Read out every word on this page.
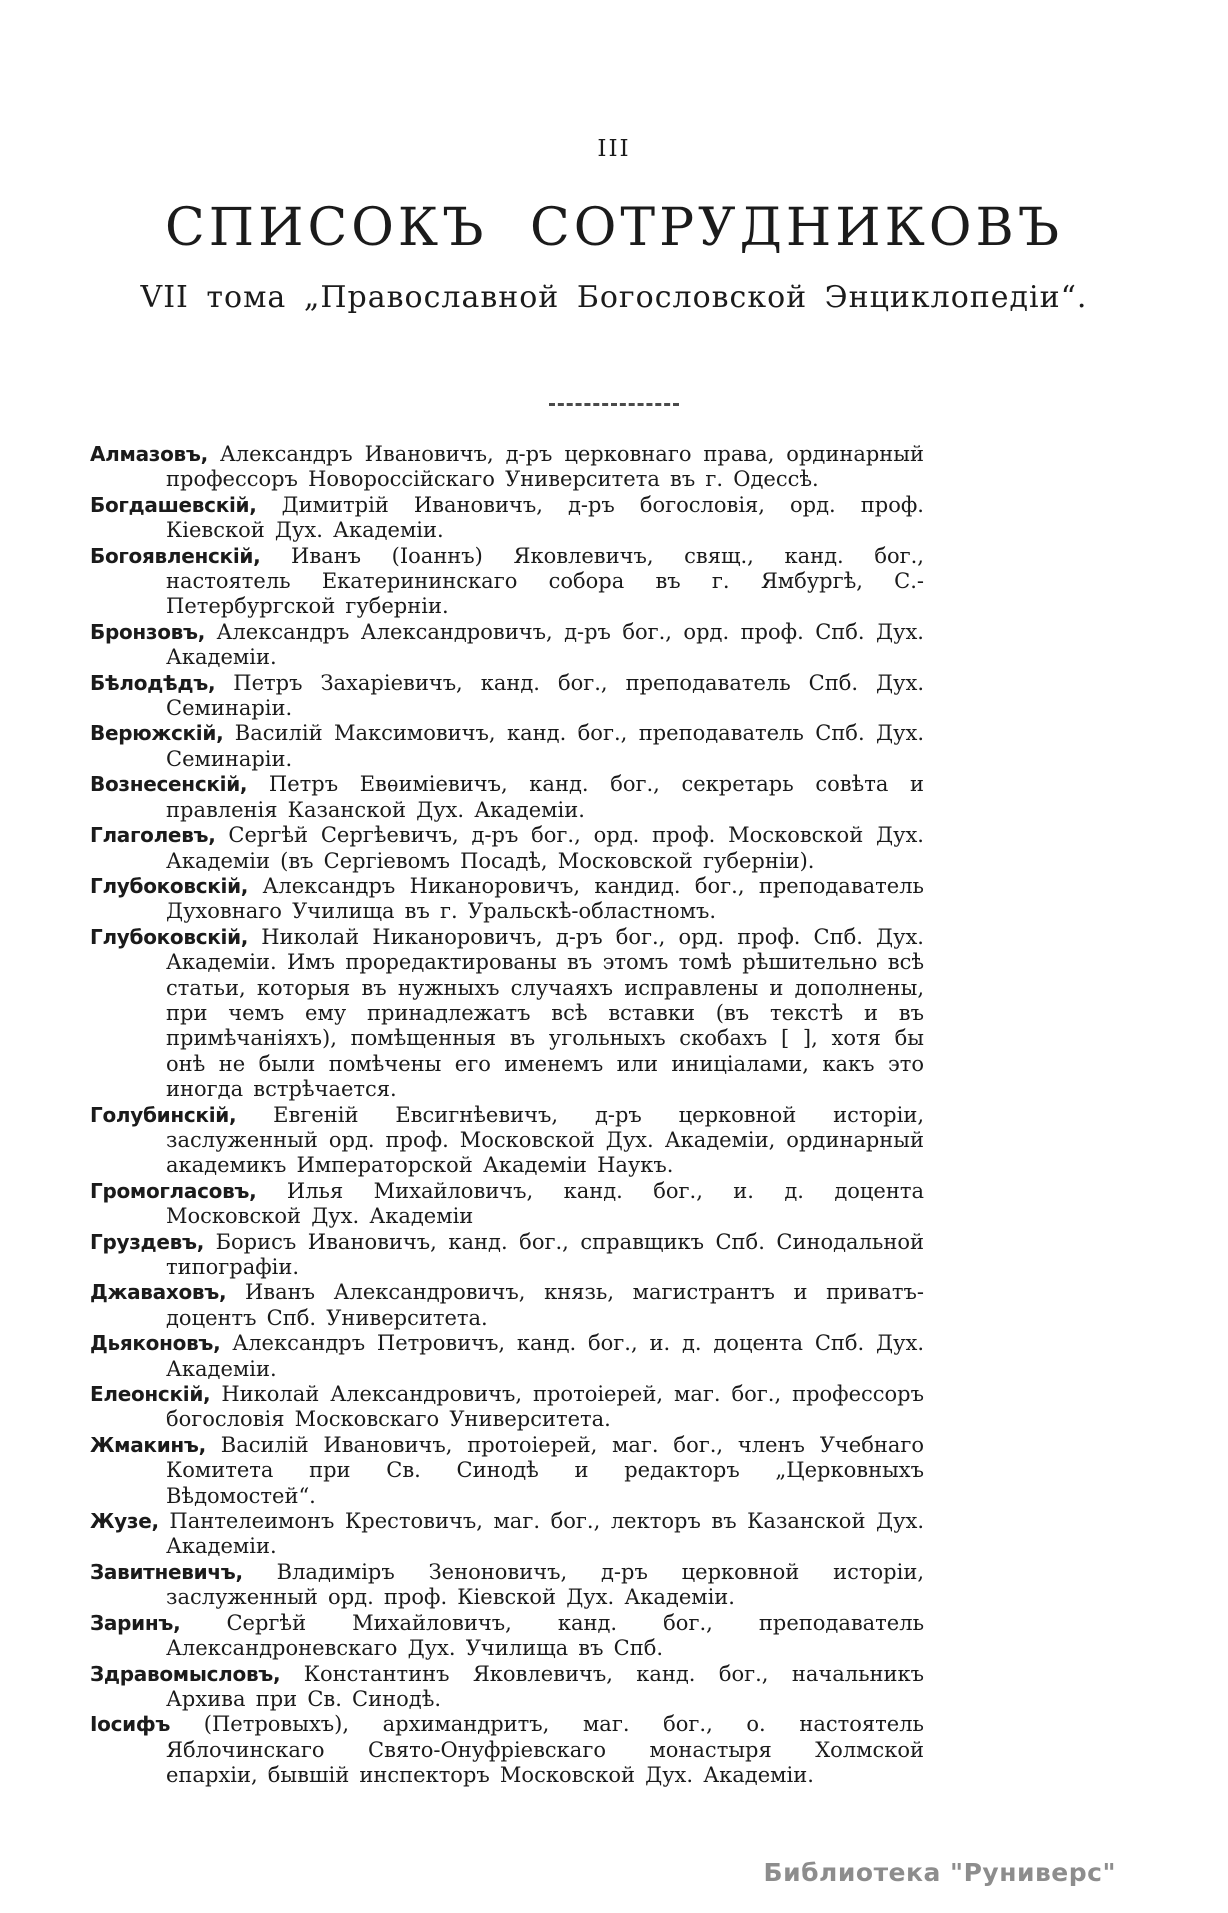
III

СПИСОКЪ СОТРУДНИКОВЪ
VII тома „Православной Богословской Энциклопедіи“.

Алмазовъ, Александръ Ивановичъ, д-ръ церковнаго права, ординарный профессоръ Новороссійскаго Университета въ г. Одессѣ.

Богдашевскій, Димитрій Ивановичъ, д-ръ богословія, орд. проф. Кіевской Дух. Академіи.

Богоявленскій, Иванъ (Іоаннъ) Яковлевичъ, свящ., канд. бог., настоятель Екатерининскаго собора въ г. Ямбургѣ, С.-Петербургской губерніи.

Бронзовъ, Александръ Александровичъ, д-ръ бог., орд. проф. Спб. Дух. Академіи.

Бѣлодѣдъ, Петръ Захаріевичъ, канд. бог., преподаватель Спб. Дух. Семинаріи.

Верюжскій, Василій Максимовичъ, канд. бог., преподаватель Спб. Дух. Семинаріи.

Вознесенскій, Петръ Евѳиміевичъ, канд. бог., секретарь совѣта и правленія Казанской Дух. Академіи.

Глаголевъ, Сергѣй Сергѣевичъ, д-ръ бог., орд. проф. Московской Дух. Академіи (въ Сергіевомъ Посадѣ, Московской губерніи).

Глубоковскій, Александръ Никаноровичъ, кандид. бог., преподаватель Духовнаго Училища въ г. Уральскѣ-областномъ.

Глубоковскій, Николай Никаноровичъ, д-ръ бог., орд. проф. Спб. Дух. Академіи. Имъ проредактированы въ этомъ томѣ рѣшительно всѣ статьи, которыя въ нужныхъ случаяхъ исправлены и дополнены, при чемъ ему принадлежатъ всѣ вставки (въ текстѣ и въ примѣчаніяхъ), помѣщенныя въ угольныхъ скобахъ [ ], хотя бы онѣ не были помѣчены его именемъ или иниціалами, какъ это иногда встрѣчается.

Голубинскій, Евгеній Евсигнѣевичъ, д-ръ церковной исторіи, заслуженный орд. проф. Московской Дух. Академіи, ординарный академикъ Императорской Академіи Наукъ.

Громогласовъ, Илья Михайловичъ, канд. бог., и. д. доцента Московской Дух. Академіи

Груздевъ, Борисъ Ивановичъ, канд. бог., справщикъ Спб. Синодальной типографіи.

Джаваховъ, Иванъ Александровичъ, князь, магистрантъ и приватъ-доцентъ Спб. Университета.

Дьяконовъ, Александръ Петровичъ, канд. бог., и. д. доцента Спб. Дух. Академіи.

Елеонскій, Николай Александровичъ, протоіерей, маг. бог., профессоръ богословія Московскаго Университета.

Жмакинъ, Василій Ивановичъ, протоіерей, маг. бог., членъ Учебнаго Комитета при Св. Синодѣ и редакторъ „Церковныхъ Вѣдомостей“.

Жузе, Пантелеимонъ Крестовичъ, маг. бог., лекторъ въ Казанской Дух. Академіи.

Завитневичъ, Владиміръ Зеноновичъ, д-ръ церковной исторіи, заслуженный орд. проф. Кіевской Дух. Академіи.

Заринъ, Сергѣй Михайловичъ, канд. бог., преподаватель Александроневскаго Дух. Училища въ Спб.

Здравомысловъ, Константинъ Яковлевичъ, канд. бог., начальникъ Архива при Св. Синодѣ.

Іосифъ (Петровыхъ), архимандритъ, маг. бог., о. настоятель Яблочинскаго Свято-Онуфріевскаго монастыря Холмской епархіи, бывшій инспекторъ Московской Дух. Академіи.

Библиотека "Руниверс"
